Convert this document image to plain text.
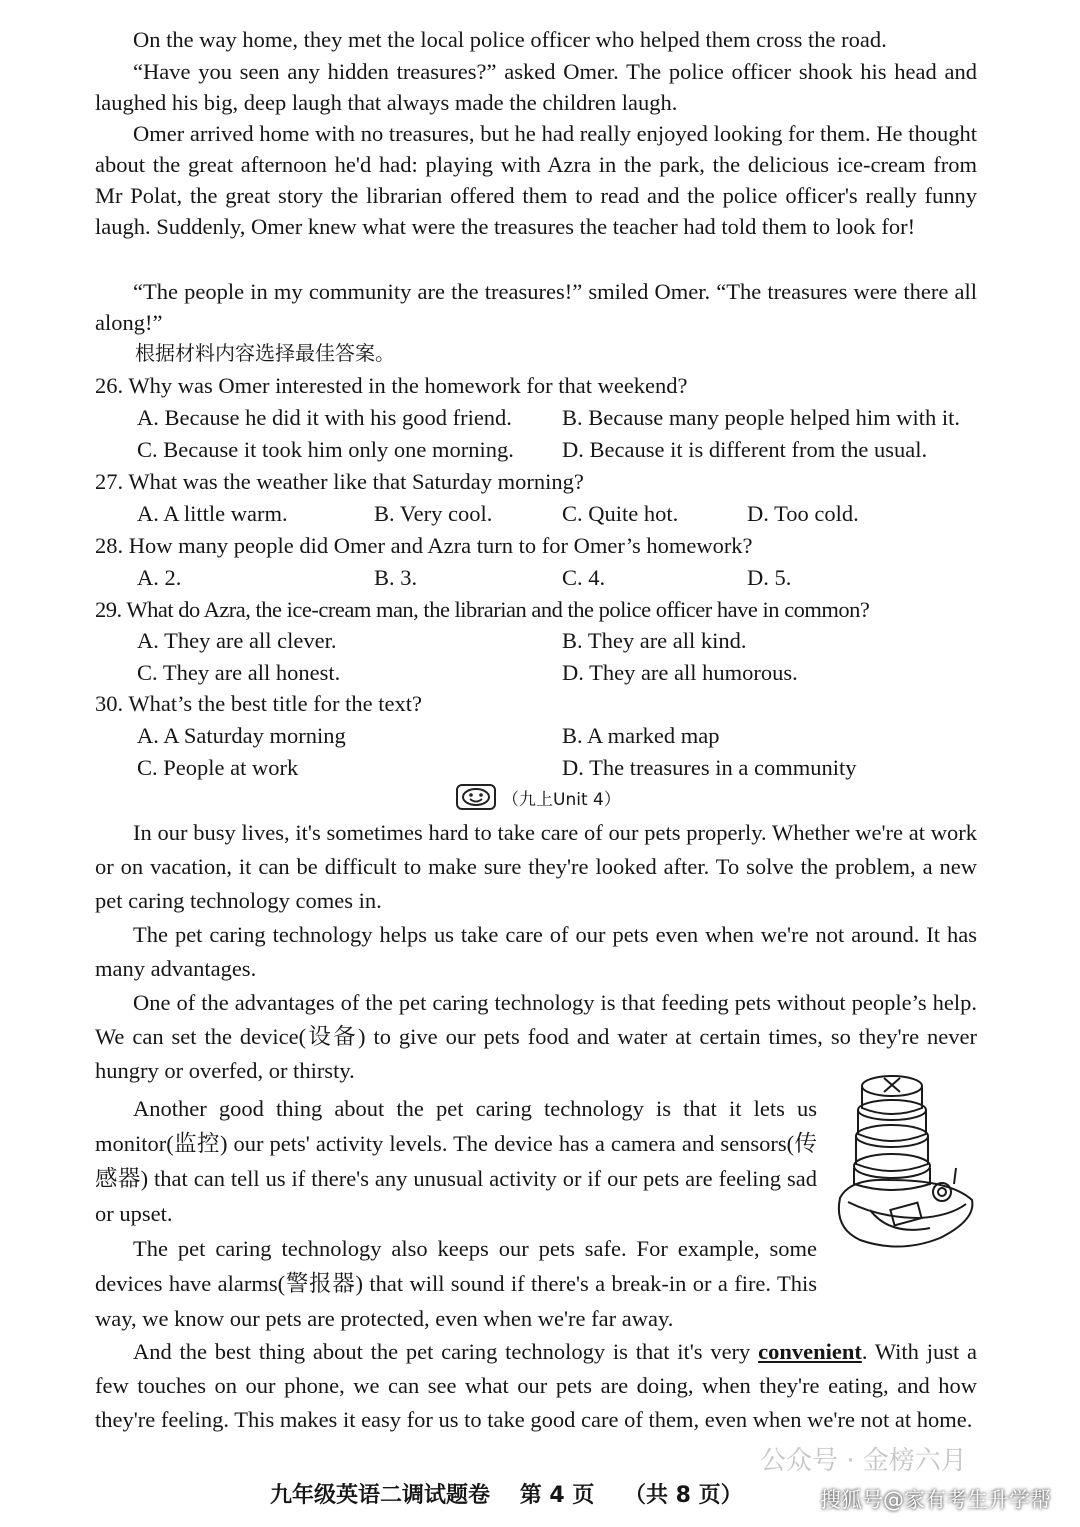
On the way home, they met the local police officer who helped them cross the road.

“Have you seen any hidden treasures?” asked Omer. The police officer shook his head and laughed his big, deep laugh that always made the children laugh.

Omer arrived home with no treasures, but he had really enjoyed looking for them. He thought about the great afternoon he'd had: playing with Azra in the park, the delicious ice-cream from Mr Polat, the great story the librarian offered them to read and the police officer's really funny laugh. Suddenly, Omer knew what were the treasures the teacher had told them to look for!

“The people in my community are the treasures!” smiled Omer. “The treasures were there all along!”

根据材料内容选择最佳答案。

26. Why was Omer interested in the homework for that weekend?

A. Because he did it with his good friend. B. Because many people helped him with it.

C. Because it took him only one morning. D. Because it is different from the usual.

27. What was the weather like that Saturday morning?

A. A little warm.	B. Very cool.	C. Quite hot.	D. Too cold.

28. How many people did Omer and Azra turn to for Omer’s homework?

A. 2.	B. 3.	C. 4.	D. 5.

29. What do Azra, the ice-cream man, the librarian and the police officer have in common?

A. They are all clever.	B. They are all kind.

C. They are all honest.	D. They are all humorous.

30. What’s the best title for the text?

A. A Saturday morning	B. A marked map

C. People at work	D. The treasures in a community

（九上Unit 4）

In our busy lives, it's sometimes hard to take care of our pets properly. Whether we're at work or on vacation, it can be difficult to make sure they're looked after. To solve the problem, a new pet caring technology comes in.

The pet caring technology helps us take care of our pets even when we're not around. It has many advantages.

One of the advantages of the pet caring technology is that feeding pets without people’s help. We can set the device(设备) to give our pets food and water at certain times, so they're never hungry or overfed, or thirsty.

Another good thing about the pet caring technology is that it lets us monitor(监控) our pets' activity levels. The device has a camera and sensors(传感器) that can tell us if there's any unusual activity or if our pets are feeling sad or upset.

The pet caring technology also keeps our pets safe. For example, some devices have alarms(警报器) that will sound if there's a break-in or a fire. This way, we know our pets are protected, even when we're far away.

And the best thing about the pet caring technology is that it's very convenient. With just a few touches on our phone, we can see what our pets are doing, when they're eating, and how they're feeling. This makes it easy for us to take good care of them, even when we're not at home.

公众号 · 金榜六月
九年级英语二调试题卷 第 4 页 （共 8 页）	搜狐号@家有考生升学帮
